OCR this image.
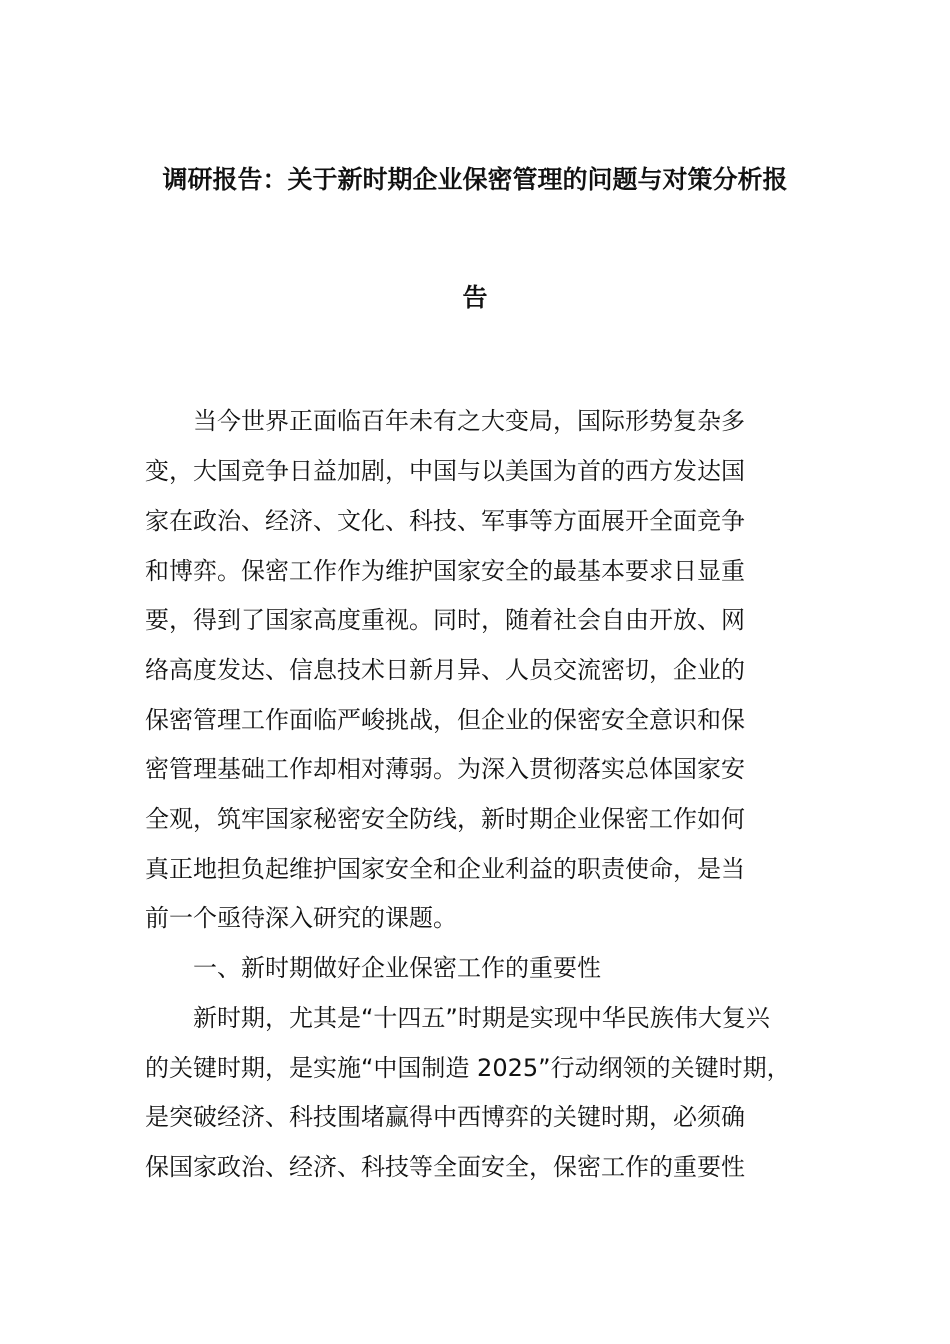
调研报告：关于新时期企业保密管理的问题与对策分析报
告
当今世界正面临百年未有之大变局，国际形势复杂多
变，大国竞争日益加剧，中国与以美国为首的西方发达国
家在政治、经济、文化、科技、军事等方面展开全面竞争
和博弈。保密工作作为维护国家安全的最基本要求日显重
要，得到了国家高度重视。同时，随着社会自由开放、网
络高度发达、信息技术日新月异、人员交流密切，企业的
保密管理工作面临严峻挑战，但企业的保密安全意识和保
密管理基础工作却相对薄弱。为深入贯彻落实总体国家安
全观，筑牢国家秘密安全防线，新时期企业保密工作如何
真正地担负起维护国家安全和企业利益的职责使命，是当
前一个亟待深入研究的课题。
一、新时期做好企业保密工作的重要性
新时期，尤其是“十四五”时期是实现中华民族伟大复兴
的关键时期，是实施“中国制造 2025”行动纲领的关键时期，
是突破经济、科技围堵赢得中西博弈的关键时期，必须确
保国家政治、经济、科技等全面安全，保密工作的重要性
